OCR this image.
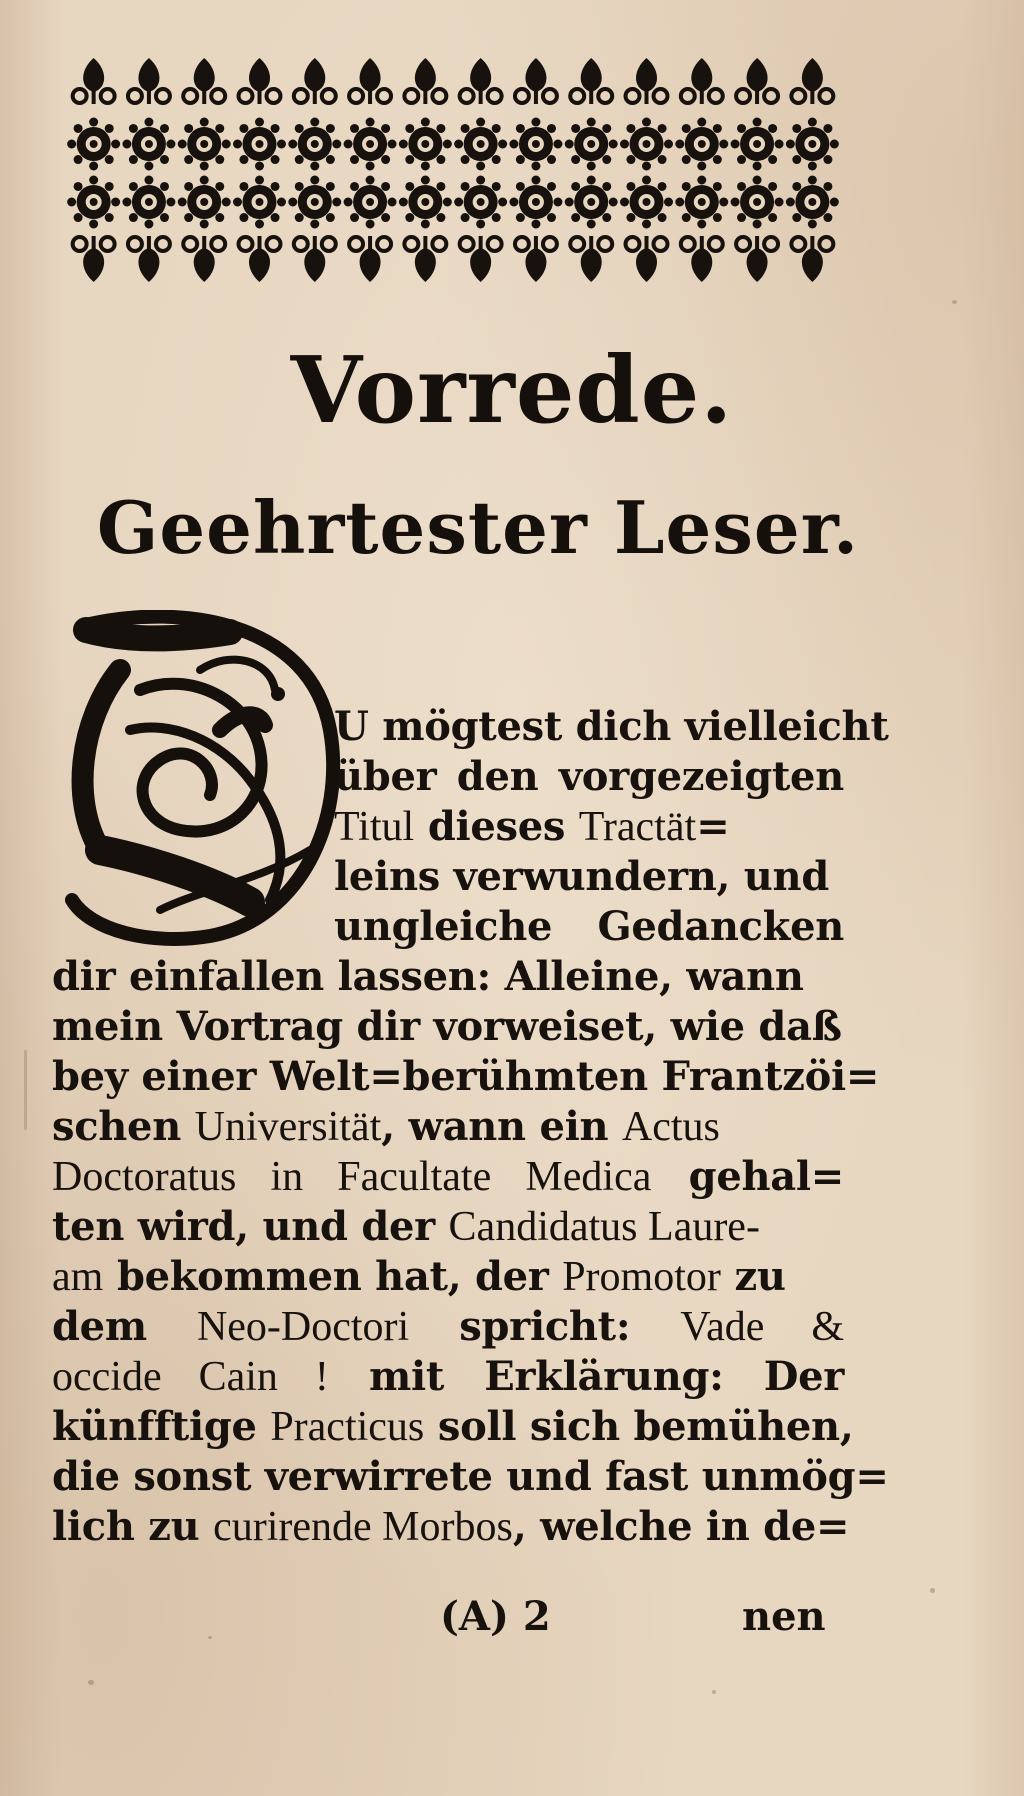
Vorrede.
Geehrtester Leser.
U mögtest dich vielleicht
über den vorgezeigten
Titul dieses Tractät=
leins verwundern, und
ungleiche Gedancken
dir einfallen lassen: Alleine, wann
mein Vortrag dir vorweiset, wie daß
bey einer Welt=berühmten Frantzöi=
schen Universität, wann ein Actus
Doctoratus in Facultate Medica gehal=
ten wird, und der Candidatus Laure-
am bekommen hat, der Promotor zu
dem Neo-Doctori spricht: Vade &
occide Cain ! mit Erklärung: Der
künfftige Practicus soll sich bemühen,
die sonst verwirrete und fast unmög=
lich zu curirende Morbos, welche in de=
(A) 2	nen
